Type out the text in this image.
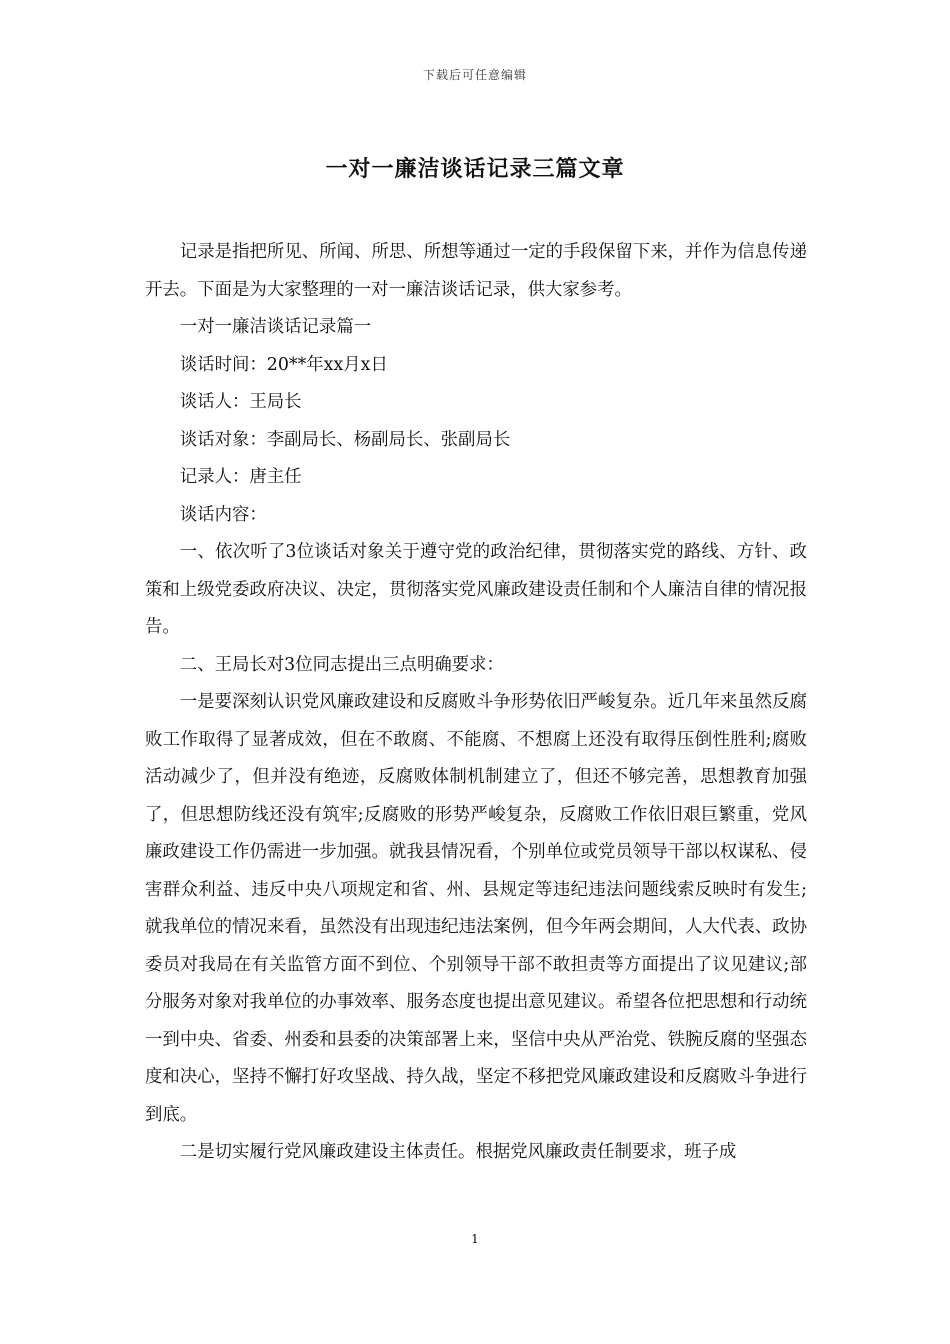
下载后可任意编辑
一对一廉洁谈话记录三篇文章

记录是指把所见、所闻、所思、所想等通过一定的手段保留下来，并作为信息传递开去。下面是为大家整理的一对一廉洁谈话记录，供大家参考。

一对一廉洁谈话记录篇一

谈话时间：20**年xx月x日

谈话人：王局长

谈话对象：李副局长、杨副局长、张副局长

记录人：唐主任

谈话内容：

一、依次听了3位谈话对象关于遵守党的政治纪律，贯彻落实党的路线、方针、政策和上级党委政府决议、决定，贯彻落实党风廉政建设责任制和个人廉洁自律的情况报告。

二、王局长对3位同志提出三点明确要求：

一是要深刻认识党风廉政建设和反腐败斗争形势依旧严峻复杂。近几年来虽然反腐败工作取得了显著成效，但在不敢腐、不能腐、不想腐上还没有取得压倒性胜利;腐败活动减少了，但并没有绝迹，反腐败体制机制建立了，但还不够完善，思想教育加强了，但思想防线还没有筑牢;反腐败的形势严峻复杂，反腐败工作依旧艰巨繁重，党风廉政建设工作仍需进一步加强。就我县情况看，个别单位或党员领导干部以权谋私、侵害群众利益、违反中央八项规定和省、州、县规定等违纪违法问题线索反映时有发生;就我单位的情况来看，虽然没有出现违纪违法案例，但今年两会期间，人大代表、政协委员对我局在有关监管方面不到位、个别领导干部不敢担责等方面提出了议见建议;部分服务对象对我单位的办事效率、服务态度也提出意见建议。希望各位把思想和行动统一到中央、省委、州委和县委的决策部署上来，坚信中央从严治党、铁腕反腐的坚强态度和决心，坚持不懈打好攻坚战、持久战，坚定不移把党风廉政建设和反腐败斗争进行到底。

二是切实履行党风廉政建设主体责任。根据党风廉政责任制要求，班子成

1
